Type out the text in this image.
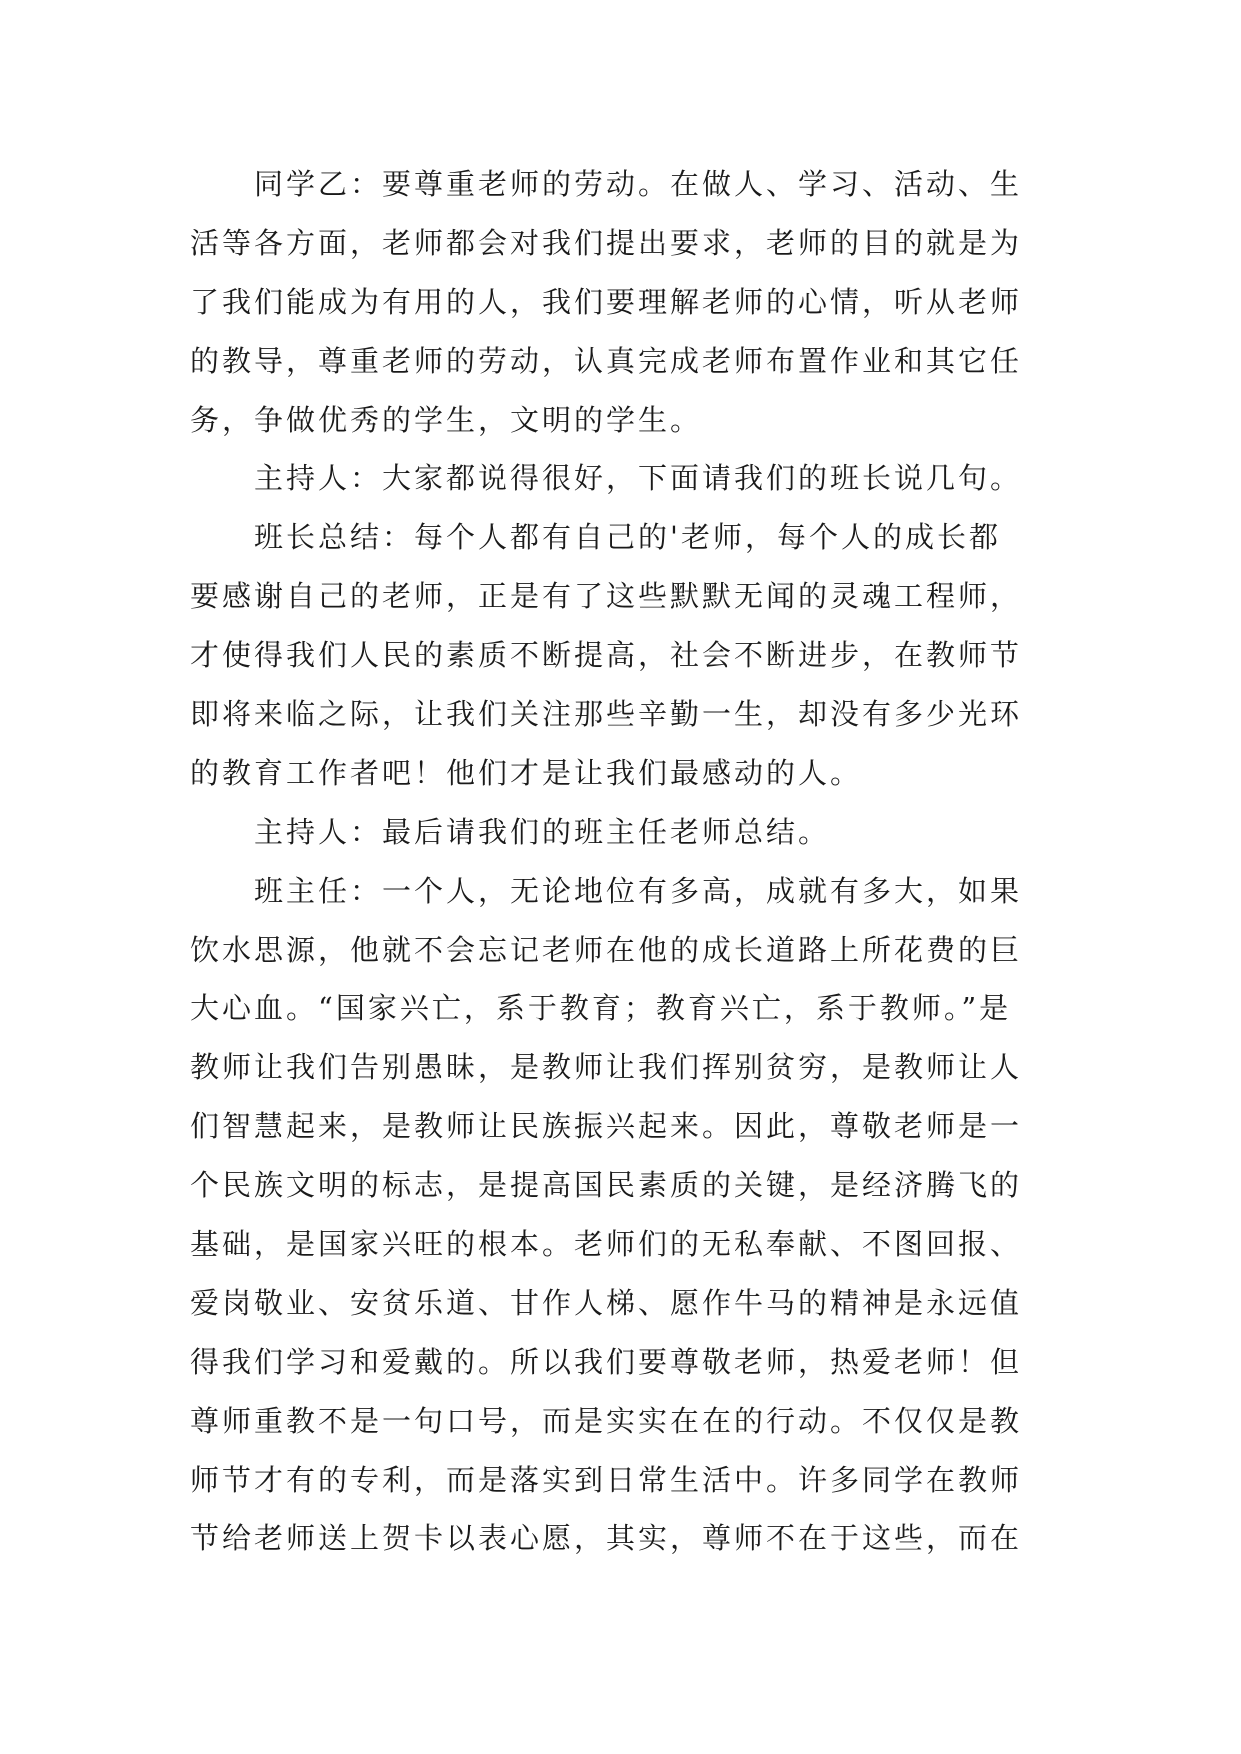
同学乙：要尊重老师的劳动。在做人、学习、活动、生
活等各方面，老师都会对我们提出要求，老师的目的就是为
了我们能成为有用的人，我们要理解老师的心情，听从老师
的教导，尊重老师的劳动，认真完成老师布置作业和其它任
务，争做优秀的学生，文明的学生。
主持人：大家都说得很好，下面请我们的班长说几句。
班长总结：每个人都有自己的'老师，每个人的成长都
要感谢自己的老师，正是有了这些默默无闻的灵魂工程师，
才使得我们人民的素质不断提高，社会不断进步，在教师节
即将来临之际，让我们关注那些辛勤一生，却没有多少光环
的教育工作者吧！他们才是让我们最感动的人。
主持人：最后请我们的班主任老师总结。
班主任：一个人，无论地位有多高，成就有多大，如果
饮水思源，他就不会忘记老师在他的成长道路上所花费的巨
大心血。“国家兴亡，系于教育；教育兴亡，系于教师。”是
教师让我们告别愚昧，是教师让我们挥别贫穷，是教师让人
们智慧起来，是教师让民族振兴起来。因此，尊敬老师是一
个民族文明的标志，是提高国民素质的关键，是经济腾飞的
基础，是国家兴旺的根本。老师们的无私奉献、不图回报、
爱岗敬业、安贫乐道、甘作人梯、愿作牛马的精神是永远值
得我们学习和爱戴的。所以我们要尊敬老师，热爱老师！但
尊师重教不是一句口号，而是实实在在的行动。不仅仅是教
师节才有的专利，而是落实到日常生活中。许多同学在教师
节给老师送上贺卡以表心愿，其实，尊师不在于这些，而在
